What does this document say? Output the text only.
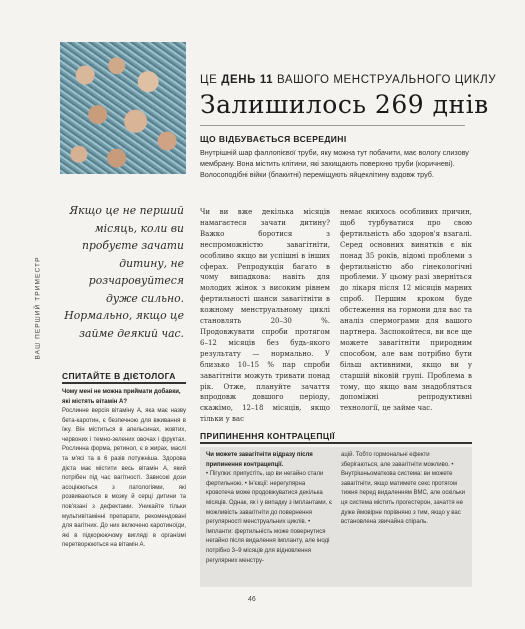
ЦЕ ДЕНЬ 11 ВАШОГО МЕНСТРУАЛЬНОГО ЦИКЛУ
Залишилось 269 днів
ЩО ВІДБУВАЄТЬСЯ ВСЕРЕДИНІ

Внутрішній шар фаллопієвої труби, яку можна тут побачити, має вологу слизову мембрану. Вона містить клітини, які захищають поверхню труби (коричневі). Волосоподібні війки (блакитні) переміщують яйцеклітину вздовж труб.

Якщо це не перший місяць, коли ви пробуєте зачати дитину, не розчаровуйтеся дуже сильно. Нормально, якщо це займе деякий час.

ВАШ ПЕРШИЙ ТРИМЕСТР
СПИТАЙТЕ В ДІЄТОЛОГА

Чому мені не можна приймати добавки, які містять вітамін А?

Рослинне версія вітаміну А, яка має назву бета-каротин, є безпечною для вживання в їжу. Він міститься в апельсинах, жовтих, червоних і темно-зелених овочах і фруктах. Рослинна форма, ретинол, є в жирах, маслі та м'ясі та в 6 разів потужніша. Здорова дієта має містити весь вітамін А, який потрібен під час вагітності. Зависокі дози асоціюються з патологіями, які розвиваються в мозку й серці дитини та пов'язані з дефектами. Уникайте тільки мультивітамінні препарати, рекомендовані для вагітних. До них включено каротиноїди, які в підкорюючому вигляді в організмі перетворюються на вітамін А.

Чи ви вже декілька місяців намагаєтеся зачати дитину? Важко боротися з неспроможністю завагітніти, особливо якщо ви успішні в інших сферах. Репродукція багато в чому випадкова: навіть для молодих жінок з високим рівнем фертильності шанси завагітніти в кожному менструальному циклі становлять 20–30 %. Продовжувати спроби протягом 6–12 місяців без будь-якого результату — нормально. У близько 10–15 % пар спроби завагітніти можуть тривати понад рік. Отже, плануйте зачаття впродовж довшого періоду, скажімо, 12–18 місяців, якщо тільки у вас

немає якихось особливих причин, щоб турбуватися про свою фертильність або здоров'я взагалі. Серед основних винятків є вік понад 35 років, відомі проблеми з фертильністю або гінекологічні проблеми. У цьому разі зверніться до лікаря після 12 місяців марних спроб. Першим кроком буде обстеження на гормони для вас та аналіз спермограми для вашого партнера. Заспокойтеся, ви все ще можете завагітніти природним способом, але вам потрібно бути більш активними, якщо ви у старшій віковій групі. Проблема в тому, що якщо вам знадобляться допоміжні репродуктивні технології, це займе час.

ПРИПИНЕННЯ КОНТРАЦЕПЦІЇ

Чи можете завагітніти відразу після припинення контрацепції.

• Пігулки: припустіть, що ви негайно стали фертильною. • Ін'єкції: нерегулярна кровотеча може продовжуватися декілька місяців. Однак, як і у випадку з імплантами, є можливість завагітніти до повернення регулярності менструальних циклів. • Імпланти: фертильність може повернутися негайно після видалення імпланту, але іноді потрібно 3–9 місяців для відновлення регулярних менстру-

ацій. Тобто гормональні ефекти зберігаються, але завагітніти можливо. • Внутрішньоматкова система: ви можете завагітніти, якщо матимете секс протягом тижня перед видаленням ВМС, але оскільки ця система містить прогестерон, зачаття не дуже ймовірне порівняно з тим, якщо у вас встановлена звичайна спіраль.

46
